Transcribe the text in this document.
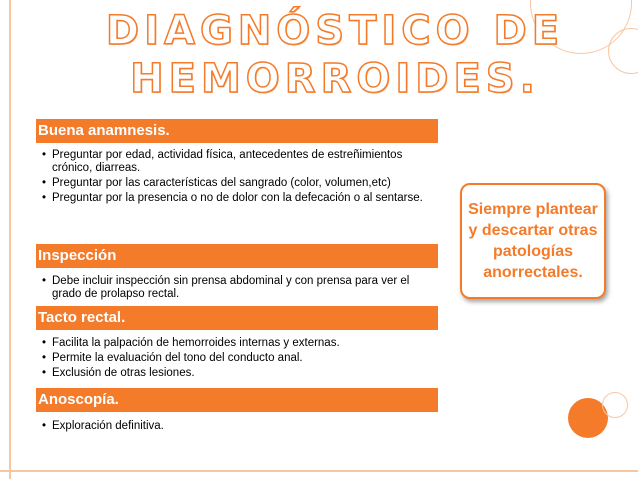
DIAGNÓSTICO DE
HEMORROIDES.
Buena anamnesis.
• Preguntar por edad, actividad física, antecedentes de estreñimientos crónico, diarreas.
• Preguntar por las características del sangrado (color, volumen,etc)
• Preguntar por la presencia o no de dolor con la defecación o al sentarse.
Inspección
• Debe incluir inspección sin prensa abdominal y con prensa para ver el grado de prolapso rectal.
Tacto rectal.
• Facilita la palpación de hemorroides internas y externas.
• Permite la evaluación del tono del conducto anal.
• Exclusión de otras lesiones.
Anoscopía.
• Exploración definitiva.
Siempre plantear y descartar otras patologías anorrectales.
